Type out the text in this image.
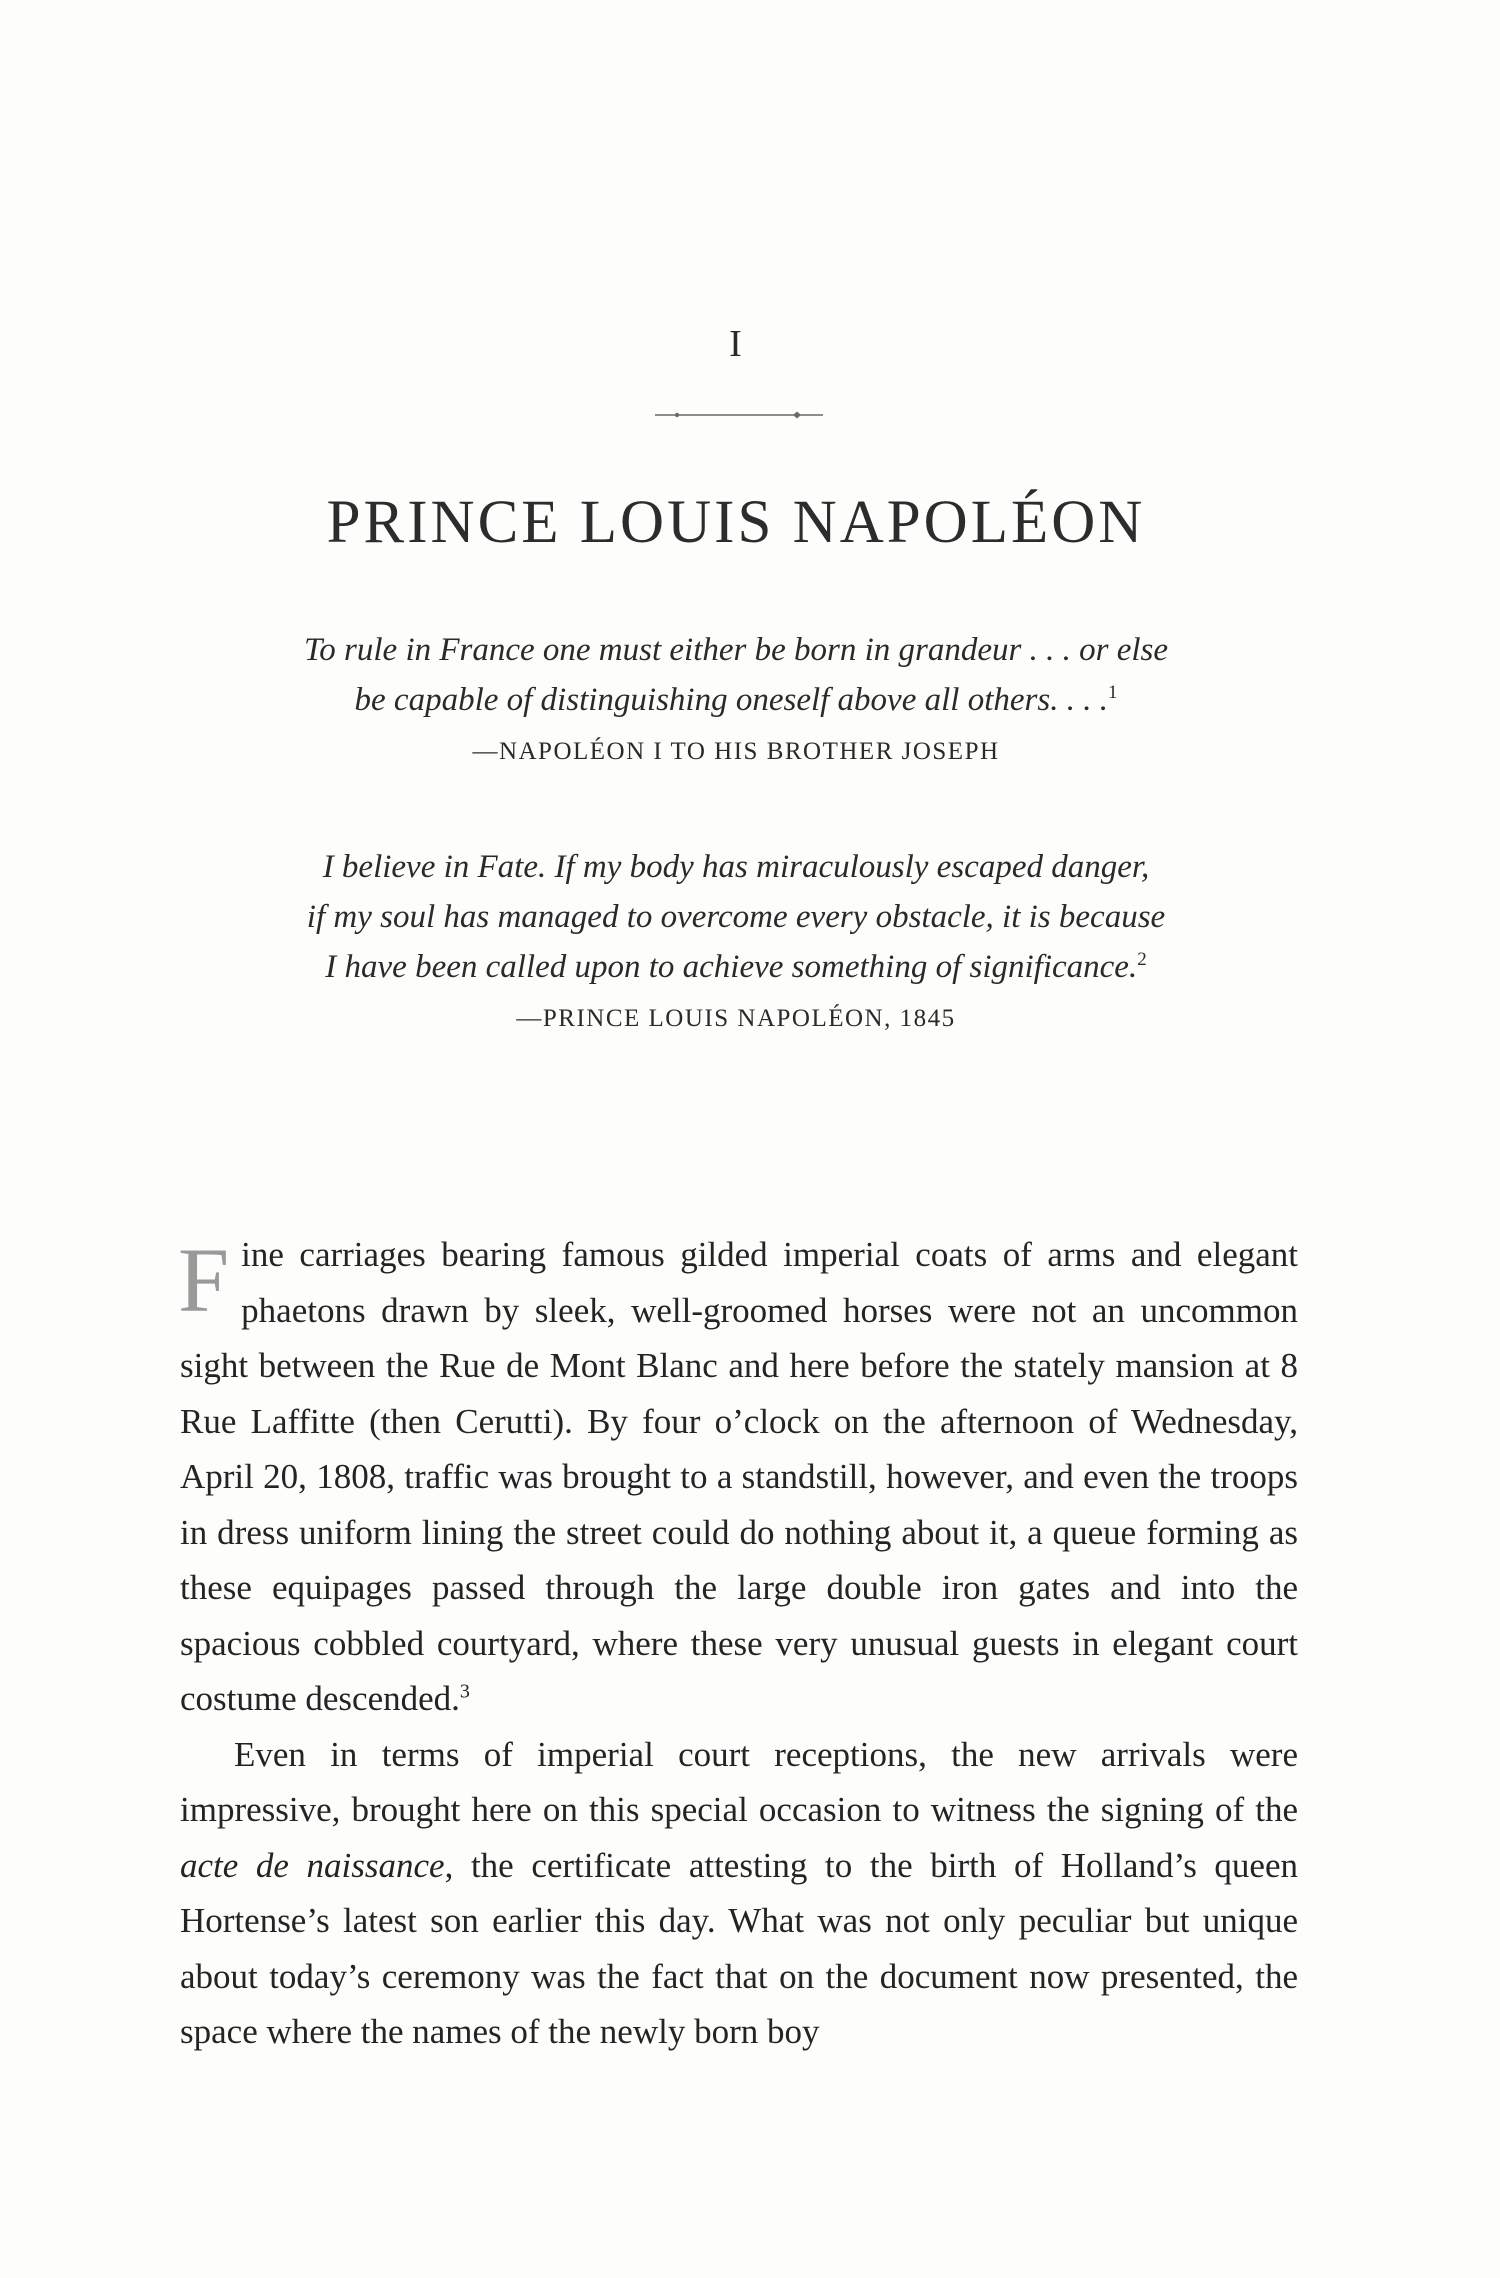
I
PRINCE LOUIS NAPOLÉON
To rule in France one must either be born in grandeur . . . or else
be capable of distinguishing oneself above all others. . . .$^1$
—NAPOLÉON I TO HIS BROTHER JOSEPH
I believe in Fate. If my body has miraculously escaped danger,
if my soul has managed to overcome every obstacle, it is because
I have been called upon to achieve something of significance.$^2$
—PRINCE LOUIS NAPOLÉON, 1845

Fine carriages bearing famous gilded imperial coats of arms and elegant phaetons drawn by sleek, well-groomed horses were not an uncommon sight between the Rue de Mont Blanc and here before the stately mansion at 8 Rue Laffitte (then Cerutti). By four o’clock on the afternoon of Wednesday, April 20, 1808, traffic was brought to a standstill, however, and even the troops in dress uniform lining the street could do nothing about it, a queue forming as these equipages passed through the large double iron gates and into the spacious cobbled courtyard, where these very unusual guests in elegant court costume descended.$^3$

Even in terms of imperial court receptions, the new arrivals were impressive, brought here on this special occasion to witness the signing of the acte de naissance, the certificate attesting to the birth of Holland’s queen Hortense’s latest son earlier this day. What was not only peculiar but unique about today’s ceremony was the fact that on the document now presented, the space where the names of the newly born boy
